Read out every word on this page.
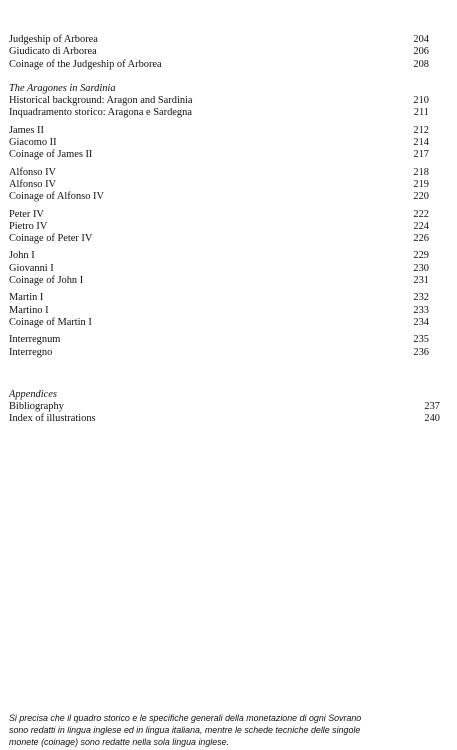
Judgeship of Arborea	204
Giudicato di Arborea	206
Coinage of the Judgeship of Arborea	208
The Aragones in Sardinia
Historical background: Aragon and Sardinia	210
Inquadramento storico: Aragona e Sardegna	211
James II	212
Giacomo II	214
Coinage of James II	217
Alfonso IV	218
Alfonso IV	219
Coinage of Alfonso IV	220
Peter IV	222
Pietro IV	224
Coinage of Peter IV	226
John I	229
Giovanni I	230
Coinage of John I	231
Martin I	232
Martino I	233
Coinage of Martin I	234
Interregnum	235
Interregno	236
Appendices
Bibliography	237
Index of illustrations	240
Si precisa che il quadro storico e le specifiche generali della monetazione di ogni Sovrano
sono redatti in lingua inglese ed in lingua italiana, mentre le schede tecniche delle singole
monete (coinage) sono redatte nella sola lingua inglese.
